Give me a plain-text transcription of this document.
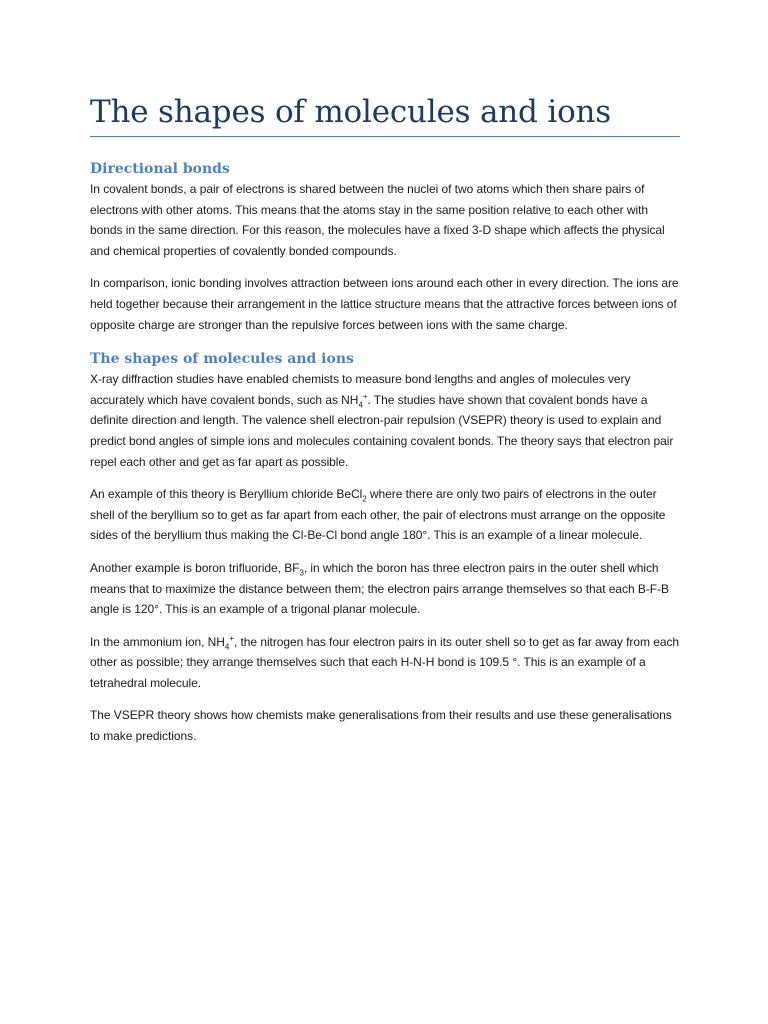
The shapes of molecules and ions
Directional bonds

In covalent bonds, a pair of electrons is shared between the nuclei of two atoms which then share pairs of electrons with other atoms. This means that the atoms stay in the same position relative to each other with bonds in the same direction. For this reason, the molecules have a fixed 3-D shape which affects the physical and chemical properties of covalently bonded compounds.

In comparison, ionic bonding involves attraction between ions around each other in every direction. The ions are held together because their arrangement in the lattice structure means that the attractive forces between ions of opposite charge are stronger than the repulsive forces between ions with the same charge.

The shapes of molecules and ions

X-ray diffraction studies have enabled chemists to measure bond lengths and angles of molecules very accurately which have covalent bonds, such as $NH_4^+$. The studies have shown that covalent bonds have a definite direction and length. The valence shell electron-pair repulsion (VSEPR) theory is used to explain and predict bond angles of simple ions and molecules containing covalent bonds. The theory says that electron pair repel each other and get as far apart as possible.

An example of this theory is Beryllium chloride BeCl$_2$ where there are only two pairs of electrons in the outer shell of the beryllium so to get as far apart from each other, the pair of electrons must arrange on the opposite sides of the beryllium thus making the Cl-Be-Cl bond angle 180°. This is an example of a linear molecule.

Another example is boron trifluoride, $BF_3$, in which the boron has three electron pairs in the outer shell which means that to maximize the distance between them; the electron pairs arrange themselves so that each B-F-B angle is 120°. This is an example of a trigonal planar molecule.

In the ammonium ion, $NH_4^+$, the nitrogen has four electron pairs in its outer shell so to get as far away from each other as possible; they arrange themselves such that each H-N-H bond is 109.5 °. This is an example of a tetrahedral molecule.

The VSEPR theory shows how chemists make generalisations from their results and use these generalisations to make predictions.
